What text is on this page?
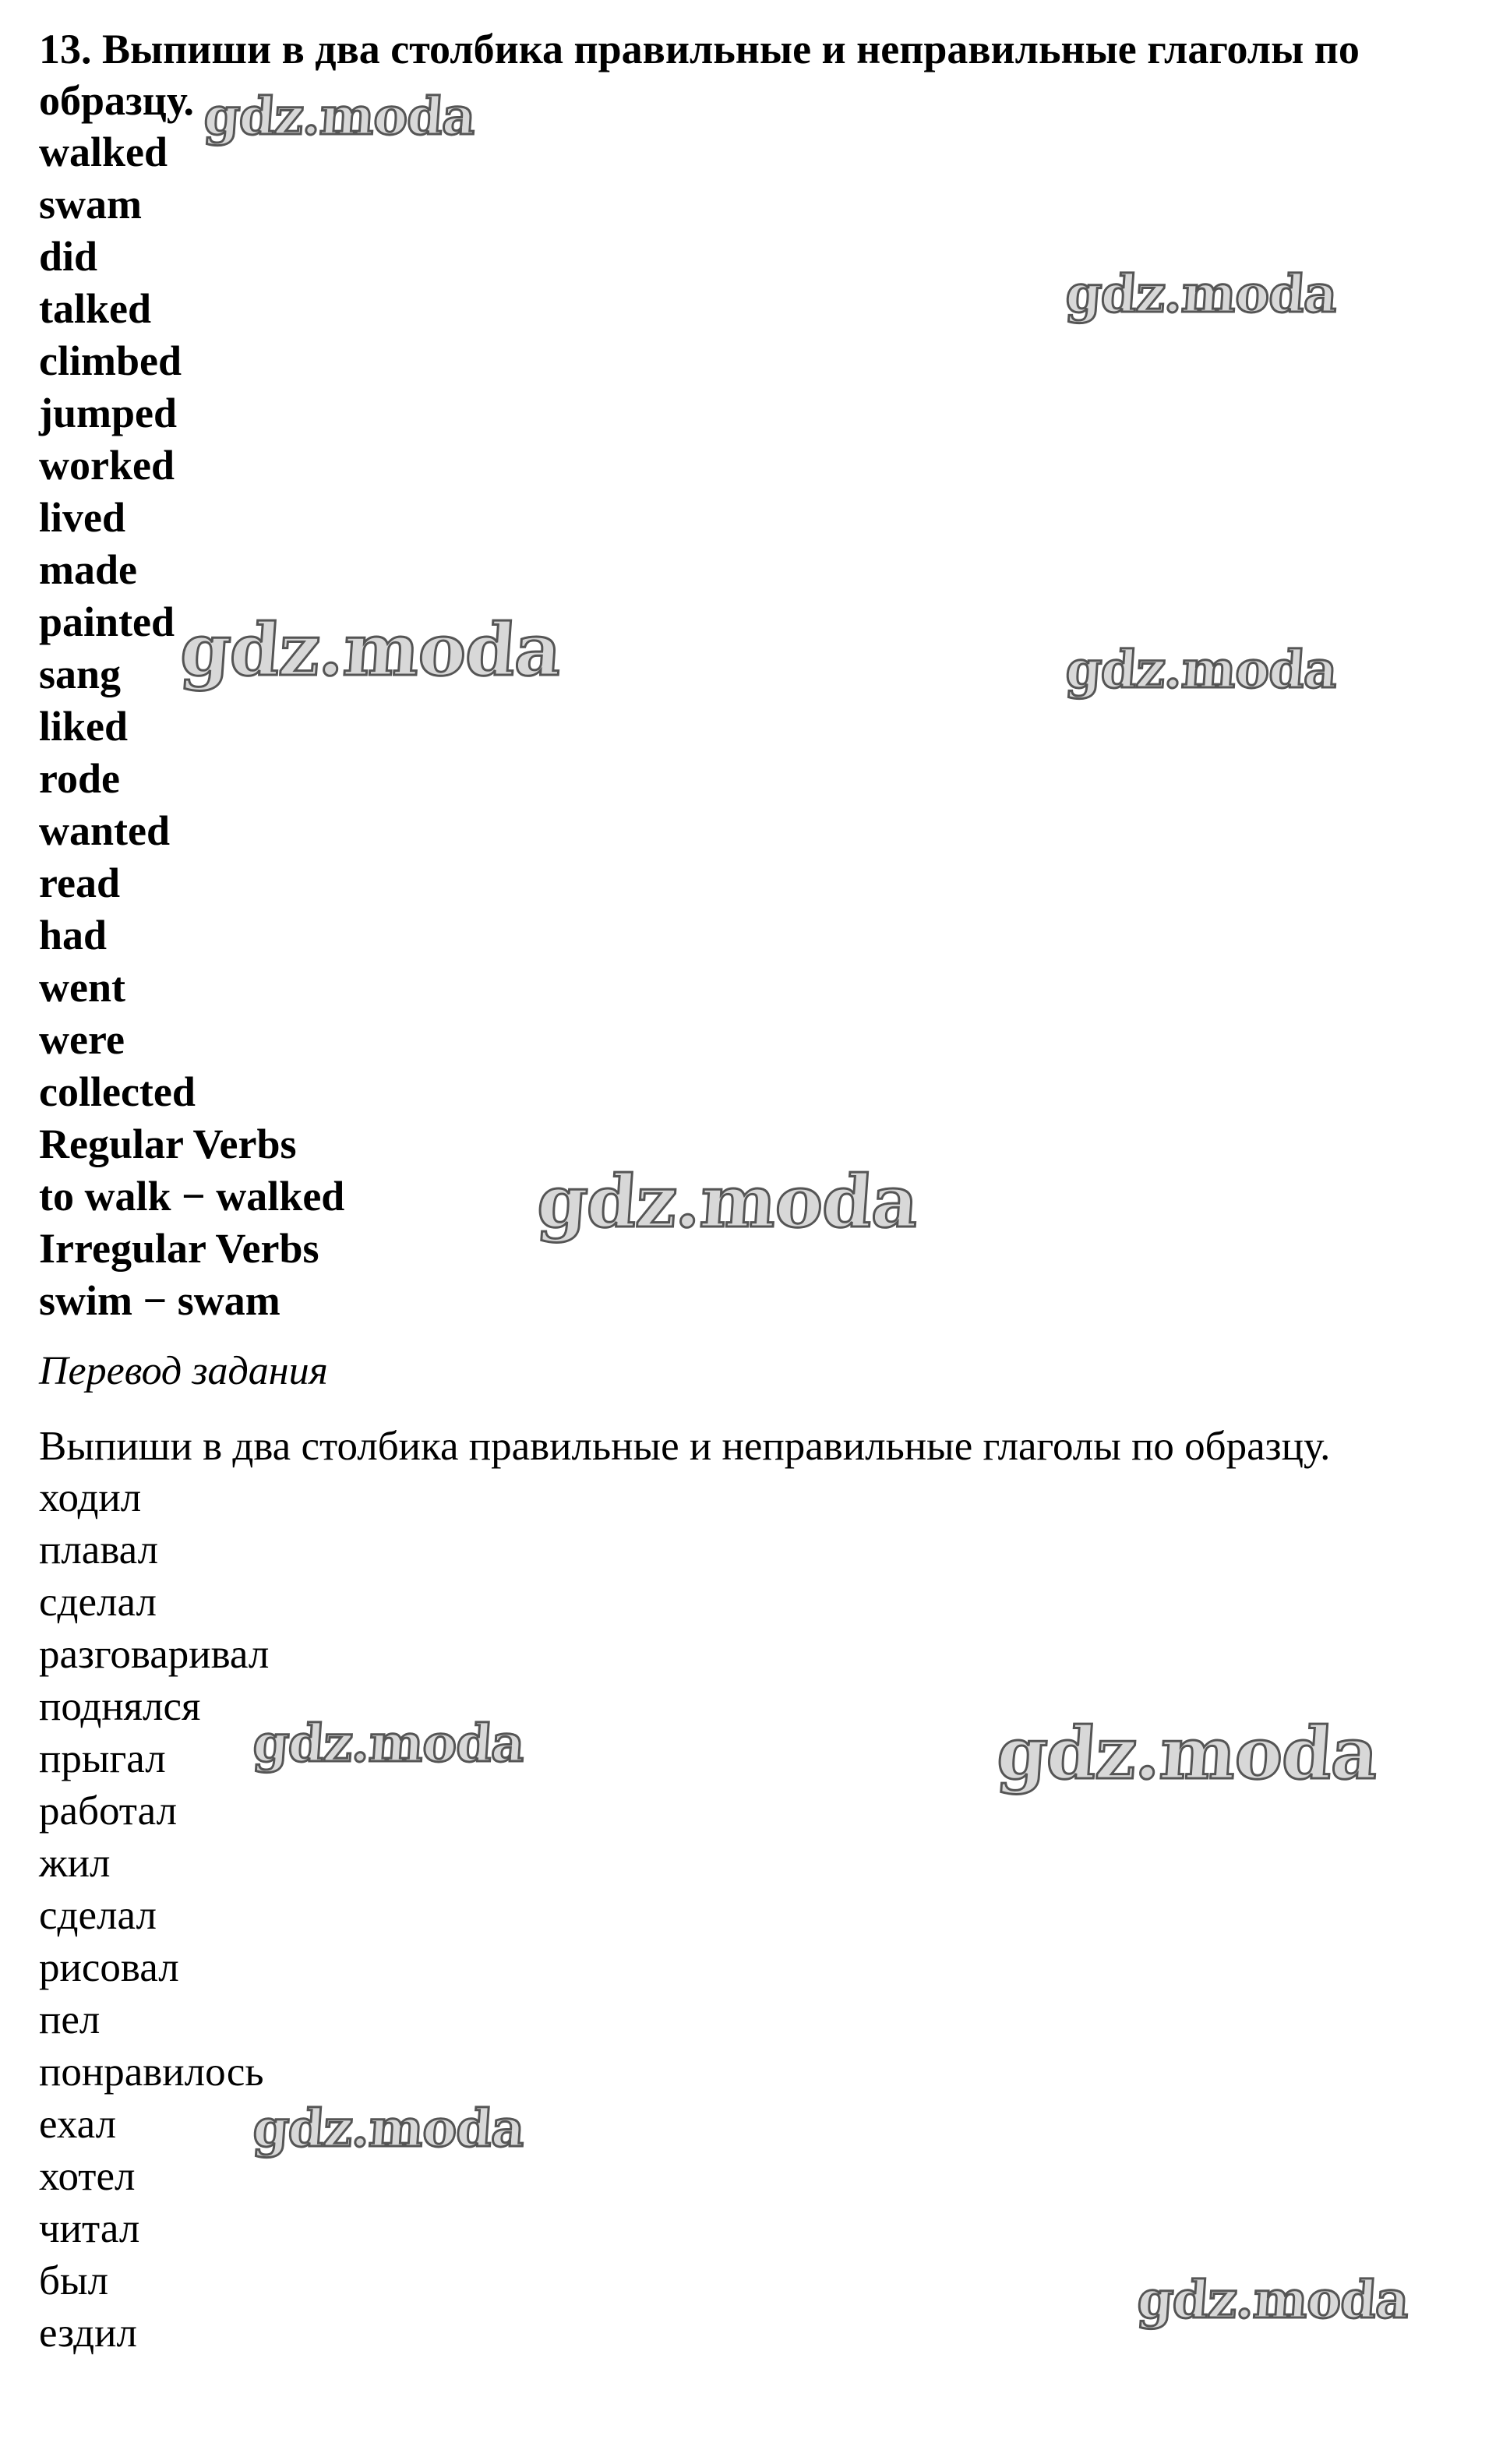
13. Выпиши в два столбика правильные и неправильные глаголы по
образцу.
walked
swam
did
talked
climbed
jumped
worked
lived
made
painted
sang
liked
rode
wanted
read
had
went
were
collected
Regular Verbs
to walk − walked
Irregular Verbs
swim − swam
Перевод задания
Выпиши в два столбика правильные и неправильные глаголы по образцу.
ходил
плавал
сделал
разговаривал
поднялся
прыгал
работал
жил
сделал
рисовал
пел
понравилось
ехал
хотел
читал
был
ездил
gdz.moda
gdz.moda
gdz.moda	gdz.moda
gdz.moda
gdz.moda	gdz.moda
gdz.moda
gdz.moda
